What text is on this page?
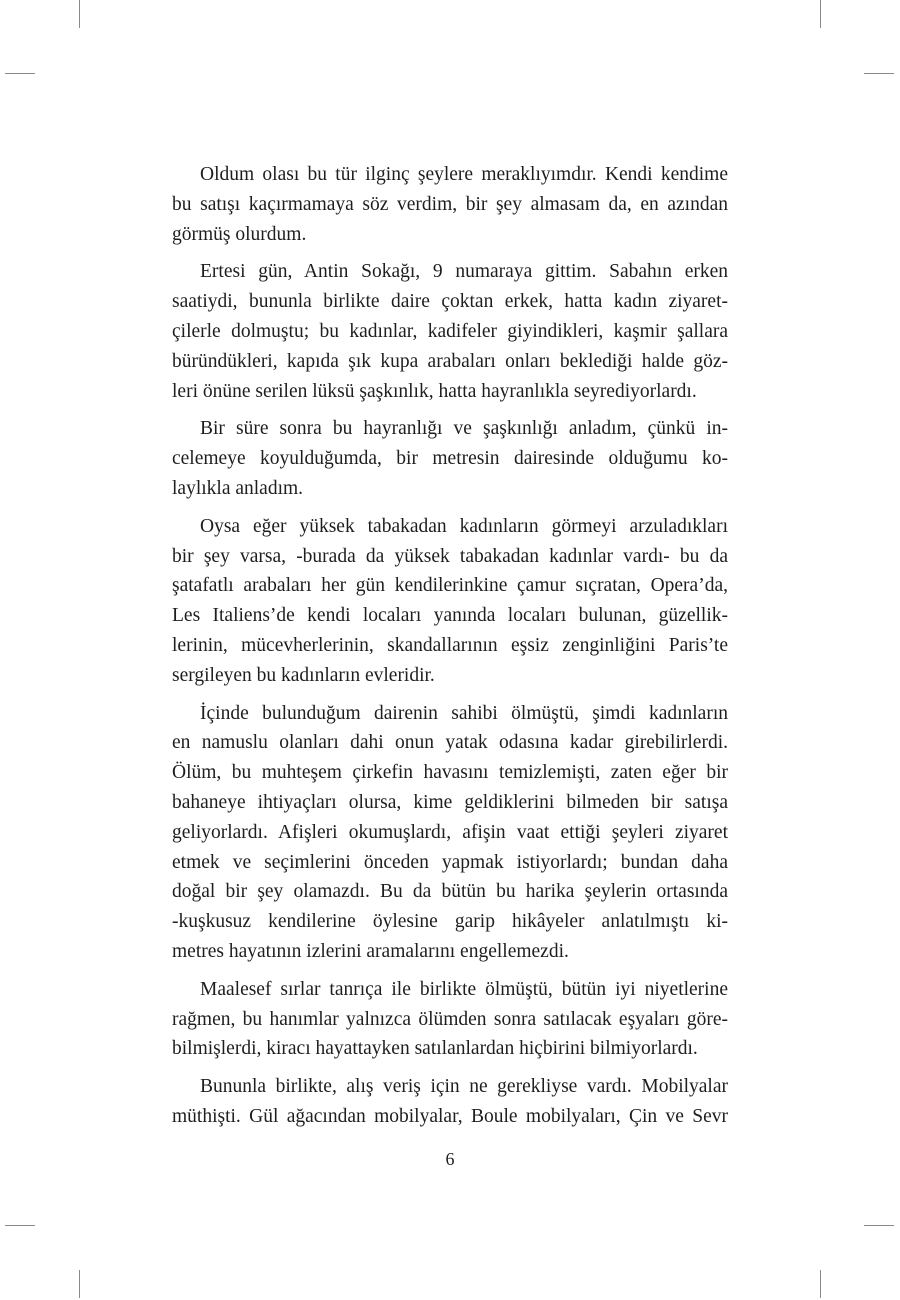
Oldum olası bu tür ilginç şeylere meraklıyımdır. Kendi kendime
bu satışı kaçırmamaya söz verdim, bir şey almasam da, en azından
görmüş olurdum.

Ertesi gün, Antin Sokağı, 9 numaraya gittim. Sabahın erken
saatiydi, bununla birlikte daire çoktan erkek, hatta kadın ziyaret-
çilerle dolmuştu; bu kadınlar, kadifeler giyindikleri, kaşmir şallara
büründükleri, kapıda şık kupa arabaları onları beklediği halde göz-
leri önüne serilen lüksü şaşkınlık, hatta hayranlıkla seyrediyorlardı.

Bir süre sonra bu hayranlığı ve şaşkınlığı anladım, çünkü in-
celemeye koyulduğumda, bir metresin dairesinde olduğumu ko-
laylıkla anladım.

Oysa eğer yüksek tabakadan kadınların görmeyi arzuladıkları
bir şey varsa, -burada da yüksek tabakadan kadınlar vardı- bu da
şatafatlı arabaları her gün kendilerinkine çamur sıçratan, Opera’da,
Les Italiens’de kendi locaları yanında locaları bulunan, güzellik-
lerinin, mücevherlerinin, skandallarının eşsiz zenginliğini Paris’te
sergileyen bu kadınların evleridir.

İçinde bulunduğum dairenin sahibi ölmüştü, şimdi kadınların
en namuslu olanları dahi onun yatak odasına kadar girebilirlerdi.
Ölüm, bu muhteşem çirkefin havasını temizlemişti, zaten eğer bir
bahaneye ihtiyaçları olursa, kime geldiklerini bilmeden bir satışa
geliyorlardı. Afişleri okumuşlardı, afişin vaat ettiği şeyleri ziyaret
etmek ve seçimlerini önceden yapmak istiyorlardı; bundan daha
doğal bir şey olamazdı. Bu da bütün bu harika şeylerin ortasında
-kuşkusuz kendilerine öylesine garip hikâyeler anlatılmıştı ki-
metres hayatının izlerini aramalarını engellemezdi.

Maalesef sırlar tanrıça ile birlikte ölmüştü, bütün iyi niyetlerine
rağmen, bu hanımlar yalnızca ölümden sonra satılacak eşyaları göre-
bilmişlerdi, kiracı hayattayken satılanlardan hiçbirini bilmiyorlardı.

Bununla birlikte, alış veriş için ne gerekliyse vardı. Mobilyalar
müthişti. Gül ağacından mobilyalar, Boule mobilyaları, Çin ve Sevr

6
